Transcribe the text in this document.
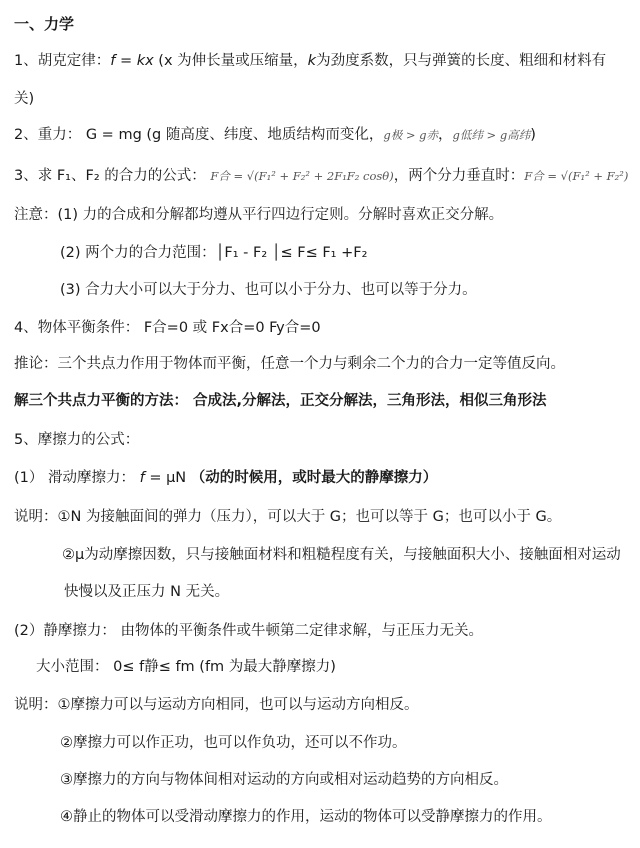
一、力学
1、胡克定律：f = kx (x 为伸长量或压缩量，k为劲度系数，只与弹簧的长度、粗细和材料有
关)
2、重力： G = mg (g 随高度、纬度、地质结构而变化，g极 > g赤，g低纬 > g高纬)
3、求 F₁、F₂ 的合力的公式： F合 = √(F₁² + F₂² + 2F₁F₂ cosθ)，两个分力垂直时：F合 = √(F₁² + F₂²)
注意：(1) 力的合成和分解都均遵从平行四边行定则。分解时喜欢正交分解。
(2) 两个力的合力范围：│F₁ - F₂ │≤ F≤ F₁ +F₂
(3) 合力大小可以大于分力、也可以小于分力、也可以等于分力。
4、物体平衡条件： F合=0 或 Fx合=0 Fy合=0
推论：三个共点力作用于物体而平衡，任意一个力与剩余二个力的合力一定等值反向。
解三个共点力平衡的方法： 合成法,分解法，正交分解法，三角形法，相似三角形法
5、摩擦力的公式：
(1） 滑动摩擦力： f = μN （动的时候用，或时最大的静摩擦力）
说明：①N 为接触面间的弹力（压力），可以大于 G；也可以等于 G；也可以小于 G。
②μ为动摩擦因数，只与接触面材料和粗糙程度有关，与接触面积大小、接触面相对运动
快慢以及正压力 N 无关。
(2）静摩擦力： 由物体的平衡条件或牛顿第二定律求解，与正压力无关。
大小范围： 0≤ f静≤ fm (fm 为最大静摩擦力)
说明：①摩擦力可以与运动方向相同，也可以与运动方向相反。
②摩擦力可以作正功，也可以作负功，还可以不作功。
③摩擦力的方向与物体间相对运动的方向或相对运动趋势的方向相反。
④静止的物体可以受滑动摩擦力的作用，运动的物体可以受静摩擦力的作用。
